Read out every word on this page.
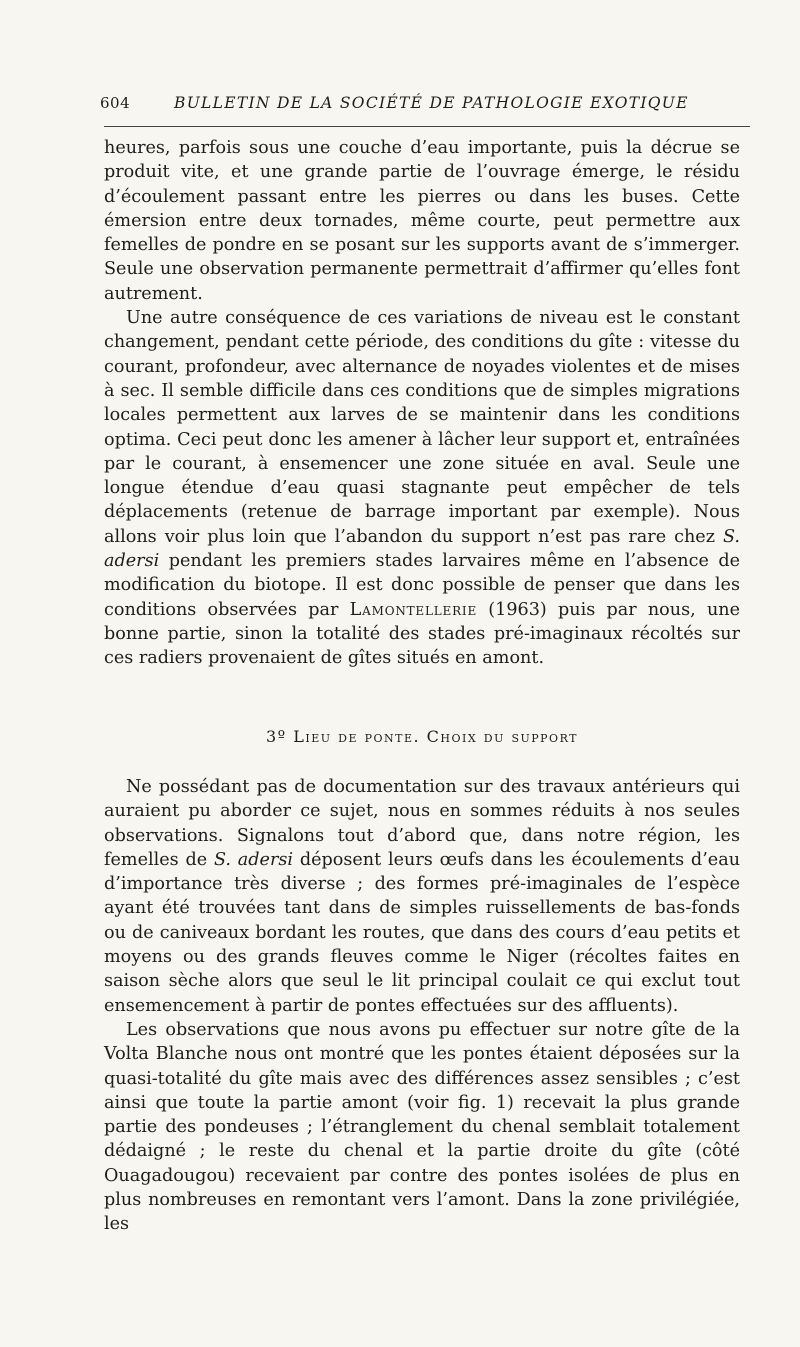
604	BULLETIN DE LA SOCIÉTÉ DE PATHOLOGIE EXOTIQUE

heures, parfois sous une couche d’eau importante, puis la décrue se produit vite, et une grande partie de l’ouvrage émerge, le résidu d’écoulement passant entre les pierres ou dans les buses. Cette émersion entre deux tornades, même courte, peut permettre aux femelles de pondre en se posant sur les supports avant de s’immerger. Seule une observation permanente permettrait d’affirmer qu’elles font autrement.

Une autre conséquence de ces variations de niveau est le constant changement, pendant cette période, des conditions du gîte : vitesse du courant, profondeur, avec alternance de noyades violentes et de mises à sec. Il semble difficile dans ces conditions que de simples migrations locales permettent aux larves de se maintenir dans les conditions optima. Ceci peut donc les amener à lâcher leur support et, entraînées par le courant, à ensemencer une zone située en aval. Seule une longue étendue d’eau quasi stagnante peut empêcher de tels déplacements (retenue de barrage important par exemple). Nous allons voir plus loin que l’abandon du support n’est pas rare chez S. adersi pendant les premiers stades larvaires même en l’absence de modification du biotope. Il est donc possible de penser que dans les conditions observées par Lamontellerie (1963) puis par nous, une bonne partie, sinon la totalité des stades pré-imaginaux récoltés sur ces radiers provenaient de gîtes situés en amont.

3º Lieu de ponte. Choix du support

Ne possédant pas de documentation sur des travaux antérieurs qui auraient pu aborder ce sujet, nous en sommes réduits à nos seules observations. Signalons tout d’abord que, dans notre région, les femelles de S. adersi déposent leurs œufs dans les écoulements d’eau d’importance très diverse ; des formes pré-imaginales de l’espèce ayant été trouvées tant dans de simples ruissellements de bas-fonds ou de caniveaux bordant les routes, que dans des cours d’eau petits et moyens ou des grands fleuves comme le Niger (récoltes faites en saison sèche alors que seul le lit principal coulait ce qui exclut tout ensemencement à partir de pontes effectuées sur des affluents).

Les observations que nous avons pu effectuer sur notre gîte de la Volta Blanche nous ont montré que les pontes étaient déposées sur la quasi-totalité du gîte mais avec des différences assez sensibles ; c’est ainsi que toute la partie amont (voir fig. 1) recevait la plus grande partie des pondeuses ; l’étranglement du chenal semblait totalement dédaigné ; le reste du chenal et la partie droite du gîte (côté Ouagadougou) recevaient par contre des pontes isolées de plus en plus nombreuses en remontant vers l’amont. Dans la zone privilégiée, les
